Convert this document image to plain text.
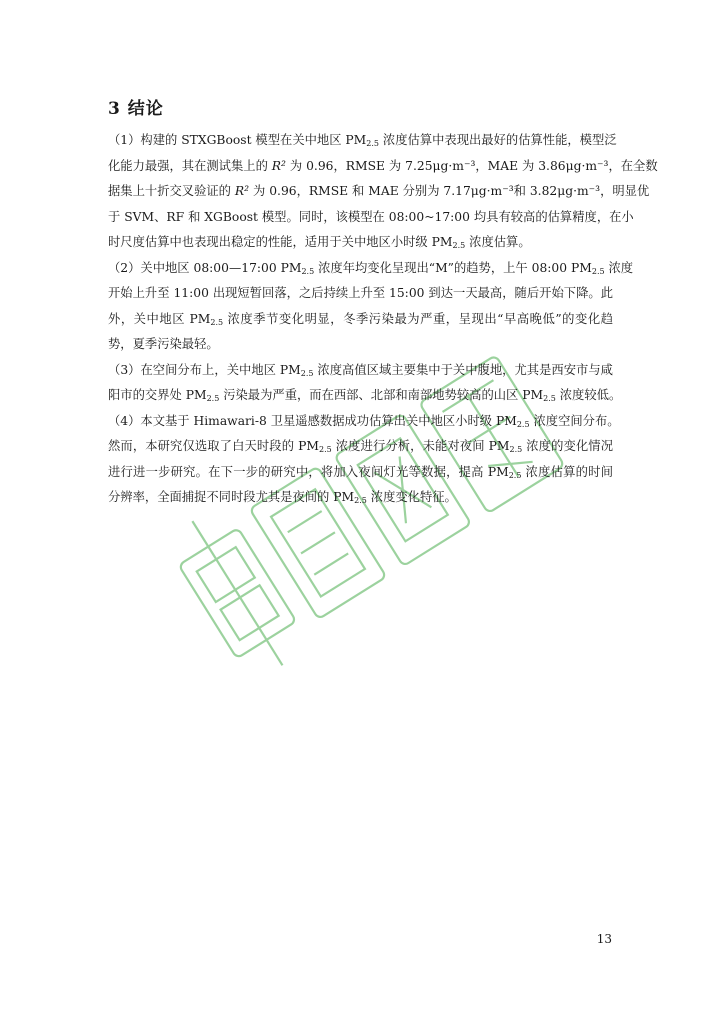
3 结论
（1）构建的 STXGBoost 模型在关中地区 $PM_{2.5}$ 浓度估算中表现出最好的估算性能，模型泛
化能力最强，其在测试集上的 R² 为 0.96，RMSE 为 7.25μg·m⁻³，MAE 为 3.86μg·m⁻³，在全数
据集上十折交叉验证的 R² 为 0.96，RMSE 和 MAE 分别为 7.17μg·m⁻³和 3.82μg·m⁻³，明显优
于 SVM、RF 和 XGBoost 模型。同时，该模型在 08:00~17:00 均具有较高的估算精度，在小
时尺度估算中也表现出稳定的性能，适用于关中地区小时级 $PM_{2.5}$ 浓度估算。
（2）关中地区 08:00—17:00 $PM_{2.5}$ 浓度年均变化呈现出“M”的趋势，上午 08:00 $PM_{2.5}$ 浓度
开始上升至 11:00 出现短暂回落，之后持续上升至 15:00 到达一天最高，随后开始下降。此
外，关中地区 $PM_{2.5}$ 浓度季节变化明显，冬季污染最为严重，呈现出“早高晚低”的变化趋
势，夏季污染最轻。
（3）在空间分布上，关中地区 $PM_{2.5}$ 浓度高值区域主要集中于关中腹地，尤其是西安市与咸
阳市的交界处 $PM_{2.5}$ 污染最为严重，而在西部、北部和南部地势较高的山区 $PM_{2.5}$ 浓度较低。
（4）本文基于 Himawari-8 卫星遥感数据成功估算出关中地区小时级 $PM_{2.5}$ 浓度空间分布。
然而，本研究仅选取了白天时段的 $PM_{2.5}$ 浓度进行分析，未能对夜间 $PM_{2.5}$ 浓度的变化情况
进行进一步研究。在下一步的研究中，将加入夜间灯光等数据，提高 $PM_{2.5}$ 浓度估算的时间
分辨率，全面捕捉不同时段尤其是夜间的 $PM_{2.5}$ 浓度变化特征。
13
